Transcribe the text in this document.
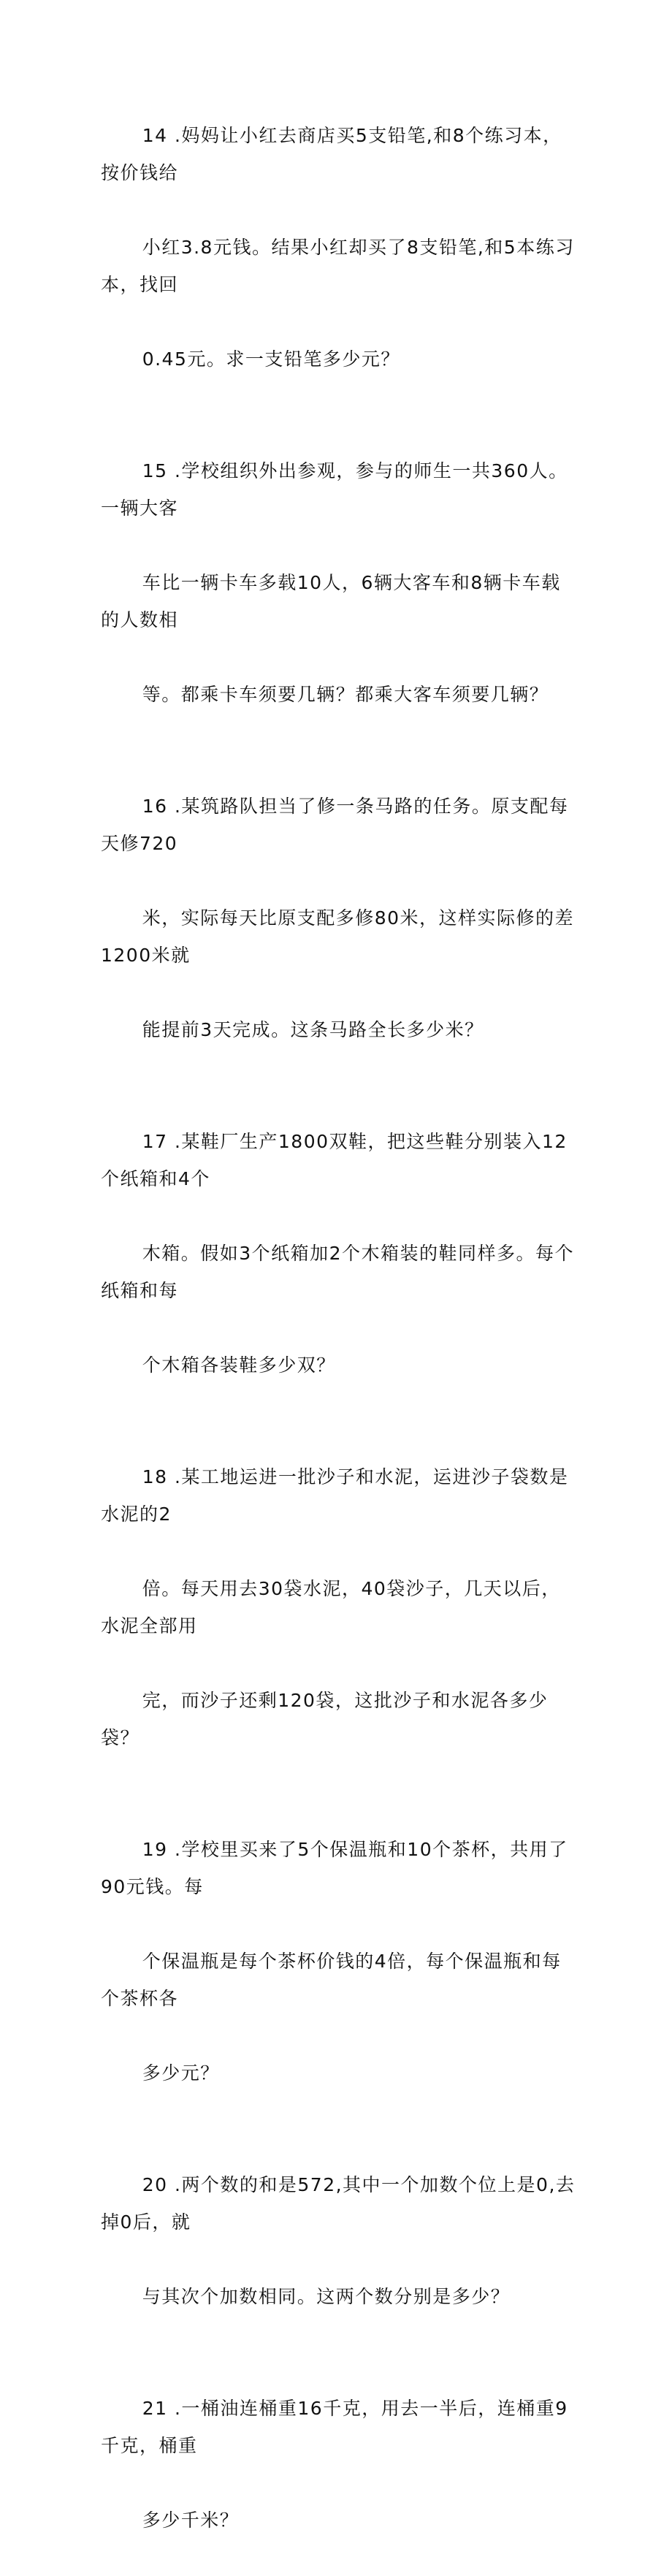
14 .妈妈让小红去商店买5支铅笔,和8个练习本，按价钱给

小红3.8元钱。结果小红却买了8支铅笔,和5本练习本，找回

0.45元。求一支铅笔多少元？

15 .学校组织外出参观，参与的师生一共360人。一辆大客

车比一辆卡车多载10人，6辆大客车和8辆卡车载的人数相

等。都乘卡车须要几辆？都乘大客车须要几辆？

16 .某筑路队担当了修一条马路的任务。原支配每天修720

米，实际每天比原支配多修80米，这样实际修的差1200米就

能提前3天完成。这条马路全长多少米？

17 .某鞋厂生产1800双鞋，把这些鞋分别装入12个纸箱和4个

木箱。假如3个纸箱加2个木箱装的鞋同样多。每个纸箱和每

个木箱各装鞋多少双？

18 .某工地运进一批沙子和水泥，运进沙子袋数是水泥的2

倍。每天用去30袋水泥，40袋沙子，几天以后，水泥全部用

完，而沙子还剩120袋，这批沙子和水泥各多少袋？

19 .学校里买来了5个保温瓶和10个茶杯，共用了90元钱。每

个保温瓶是每个茶杯价钱的4倍，每个保温瓶和每个茶杯各

多少元？

20 .两个数的和是572,其中一个加数个位上是0,去掉0后，就

与其次个加数相同。这两个数分别是多少？

21 .一桶油连桶重16千克，用去一半后，连桶重9千克，桶重

多少千米？
